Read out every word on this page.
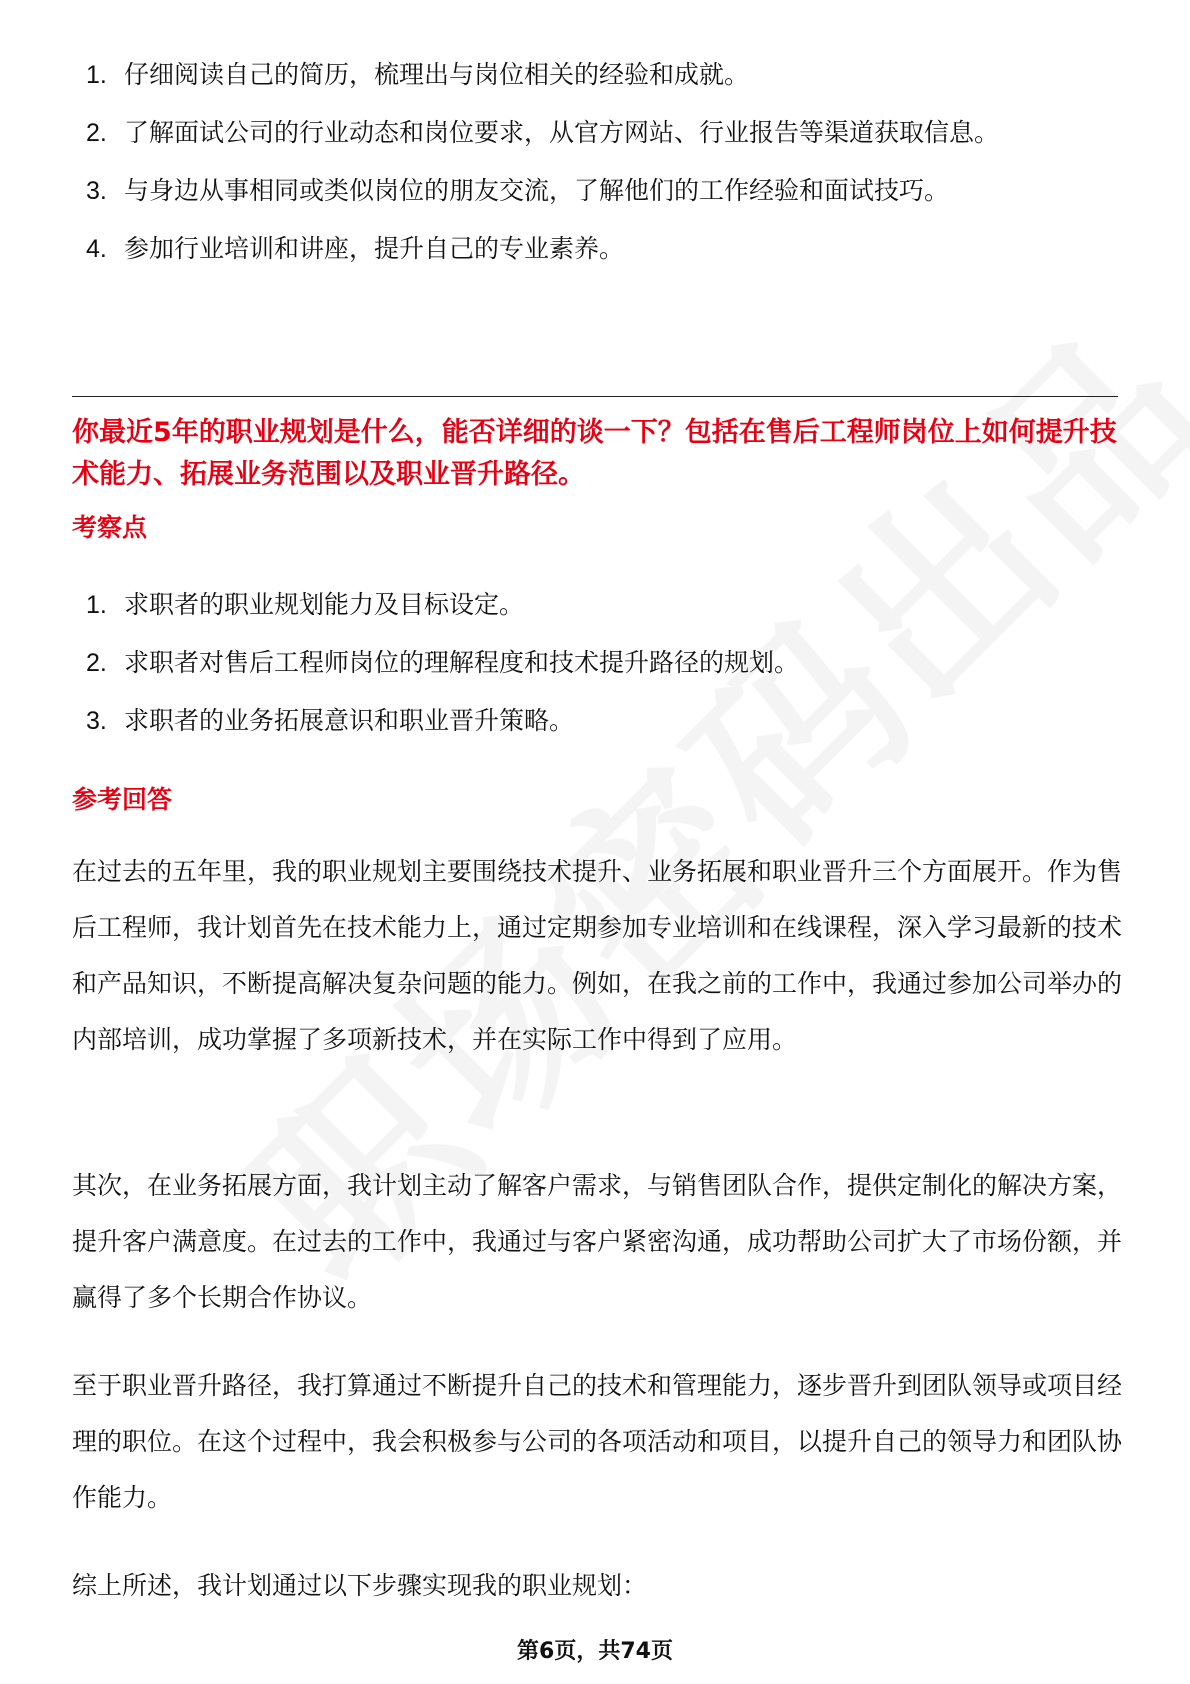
1. 仔细阅读自己的简历，梳理出与岗位相关的经验和成就。
2. 了解面试公司的行业动态和岗位要求，从官方网站、行业报告等渠道获取信息。
3. 与身边从事相同或类似岗位的朋友交流，了解他们的工作经验和面试技巧。
4. 参加行业培训和讲座，提升自己的专业素养。

你最近5年的职业规划是什么，能否详细的谈一下？包括在售后工程师岗位上如何提升技术能力、拓展业务范围以及职业晋升路径。

考察点

1. 求职者的职业规划能力及目标设定。
2. 求职者对售后工程师岗位的理解程度和技术提升路径的规划。
3. 求职者的业务拓展意识和职业晋升策略。

参考回答

在过去的五年里，我的职业规划主要围绕技术提升、业务拓展和职业晋升三个方面展开。作为售后工程师，我计划首先在技术能力上，通过定期参加专业培训和在线课程，深入学习最新的技术和产品知识，不断提高解决复杂问题的能力。例如，在我之前的工作中，我通过参加公司举办的内部培训，成功掌握了多项新技术，并在实际工作中得到了应用。

其次，在业务拓展方面，我计划主动了解客户需求，与销售团队合作，提供定制化的解决方案，提升客户满意度。在过去的工作中，我通过与客户紧密沟通，成功帮助公司扩大了市场份额，并赢得了多个长期合作协议。

至于职业晋升路径，我打算通过不断提升自己的技术和管理能力，逐步晋升到团队领导或项目经理的职位。在这个过程中，我会积极参与公司的各项活动和项目，以提升自己的领导力和团队协作能力。

综上所述，我计划通过以下步骤实现我的职业规划：

第6页，共74页
